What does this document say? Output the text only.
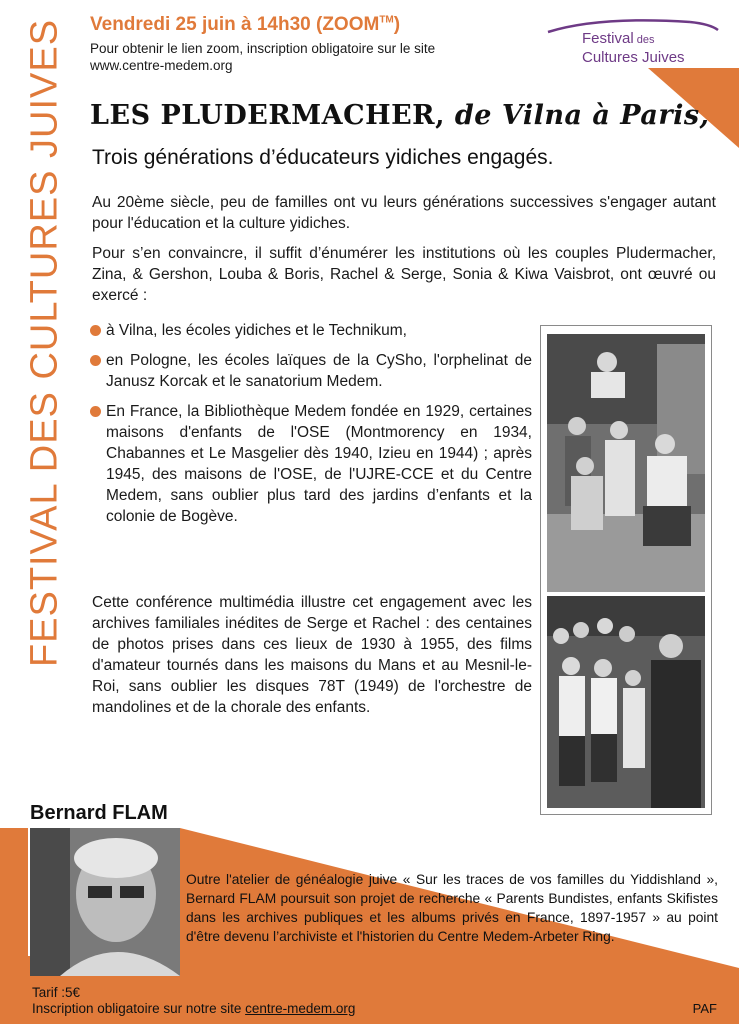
FESTIVAL DES CULTURES JUIVES Vendredi 25 juin à 14h30 (ZOOM™)
Pour obtenir le lien zoom, inscription obligatoire sur le site
www.centre-medem.org
Festival des
Cultures Juives
LES PLUDERMACHER, de Vilna à Paris,
Trois générations d’éducateurs yidiches engagés.

Au 20ème siècle, peu de familles ont vu leurs générations successives s'engager autant pour l'éducation et la culture yidiches.

Pour s’en convaincre, il suffit d’énumérer les institutions où les couples Pludermacher, Zina, & Gershon, Louba & Boris, Rachel & Serge, Sonia & Kiwa Vaisbrot, ont œuvré ou exercé :

à Vilna, les écoles yidiches et le Technikum,
en Pologne, les écoles laïques de la CySho, l'orphelinat de Janusz Korcak et le sanatorium Medem.
En France, la Bibliothèque Medem fondée en 1929, certaines maisons d'enfants de l'OSE (Montmorency en 1934, Chabannes et Le Masgelier dès 1940, Izieu en 1944) ; après 1945, des maisons de l'OSE, de l'UJRE-CCE et du Centre Medem, sans oublier plus tard des jardins d’enfants et la colonie de Bogève.
Cette conférence multimédia illustre cet engagement avec les archives familiales inédites de Serge et Rachel : des centaines de photos prises dans ces lieux de 1930 à 1955, des films d'amateur tournés dans les maisons du Mans et au Mesnil-le-Roi, sans oublier les disques 78T (1949) de l'orchestre de mandolines et de la chorale des enfants.
Bernard FLAM
Outre l'atelier de généalogie juive « Sur les traces de vos familles du Yiddishland », Bernard FLAM poursuit son projet de recherche « Parents Bundistes, enfants Skifistes dans les archives publiques et les albums privés en France, 1897-1957 » au point d'être devenu l’archiviste et l'historien du Centre Medem-Arbeter Ring.
Tarif :5€
Inscription obligatoire sur notre site centre-medem.org	PAF
